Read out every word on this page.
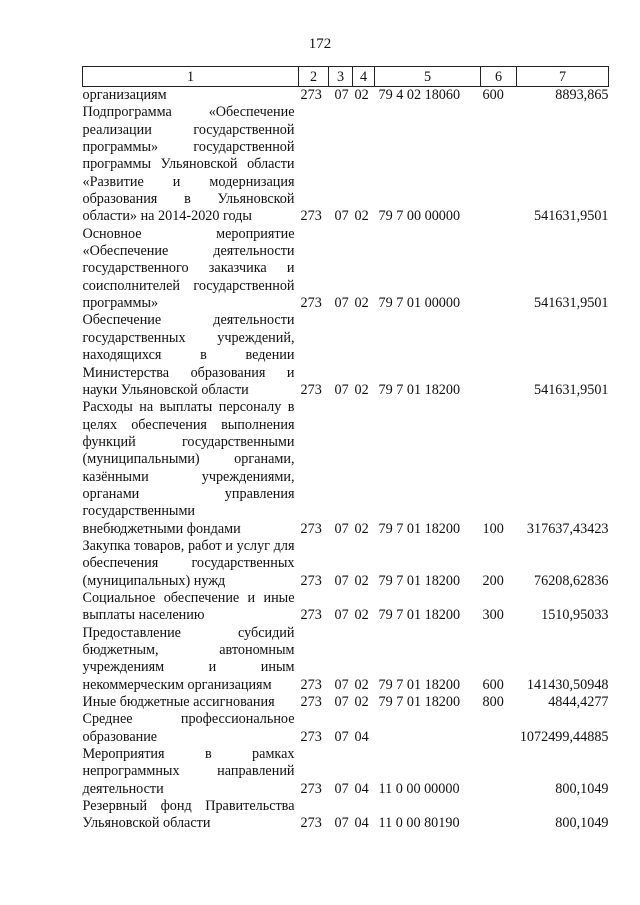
172
1	2	3	4	5	6	7
организациям	273	07	02	79 4 02 18060	600	8893,865
Подпрограмма «Обеспечение реализации государственной программы» государственной программы Ульяновской области «Развитие и модернизация образования в Ульяновской области» на 2014-2020 годы	273	07	02	79 7 00 00000		541631,9501
Основное мероприятие «Обеспечение деятельности государственного заказчика и соисполнителей государственной программы»	273	07	02	79 7 01 00000		541631,9501
Обеспечение деятельности государственных учреждений, находящихся в ведении Министерства образования и науки Ульяновской области	273	07	02	79 7 01 18200		541631,9501
Расходы на выплаты персоналу в целях обеспечения выполнения функций государственными (муниципальными) органами, казёнными учреждениями, органами управления государственными внебюджетными фондами	273	07	02	79 7 01 18200	100	317637,43423
Закупка товаров, работ и услуг для обеспечения государственных (муниципальных) нужд	273	07	02	79 7 01 18200	200	76208,62836
Социальное обеспечение и иные выплаты населению	273	07	02	79 7 01 18200	300	1510,95033
Предоставление субсидий бюджетным, автономным учреждениям и иным некоммерческим организациям	273	07	02	79 7 01 18200	600	141430,50948
Иные бюджетные ассигнования	273	07	02	79 7 01 18200	800	4844,4277
Среднее профессиональное образование	273	07	04			1072499,44885
Мероприятия в рамках непрограммных направлений деятельности	273	07	04	11 0 00 00000		800,1049
Резервный фонд Правительства Ульяновской области	273	07	04	11 0 00 80190		800,1049
